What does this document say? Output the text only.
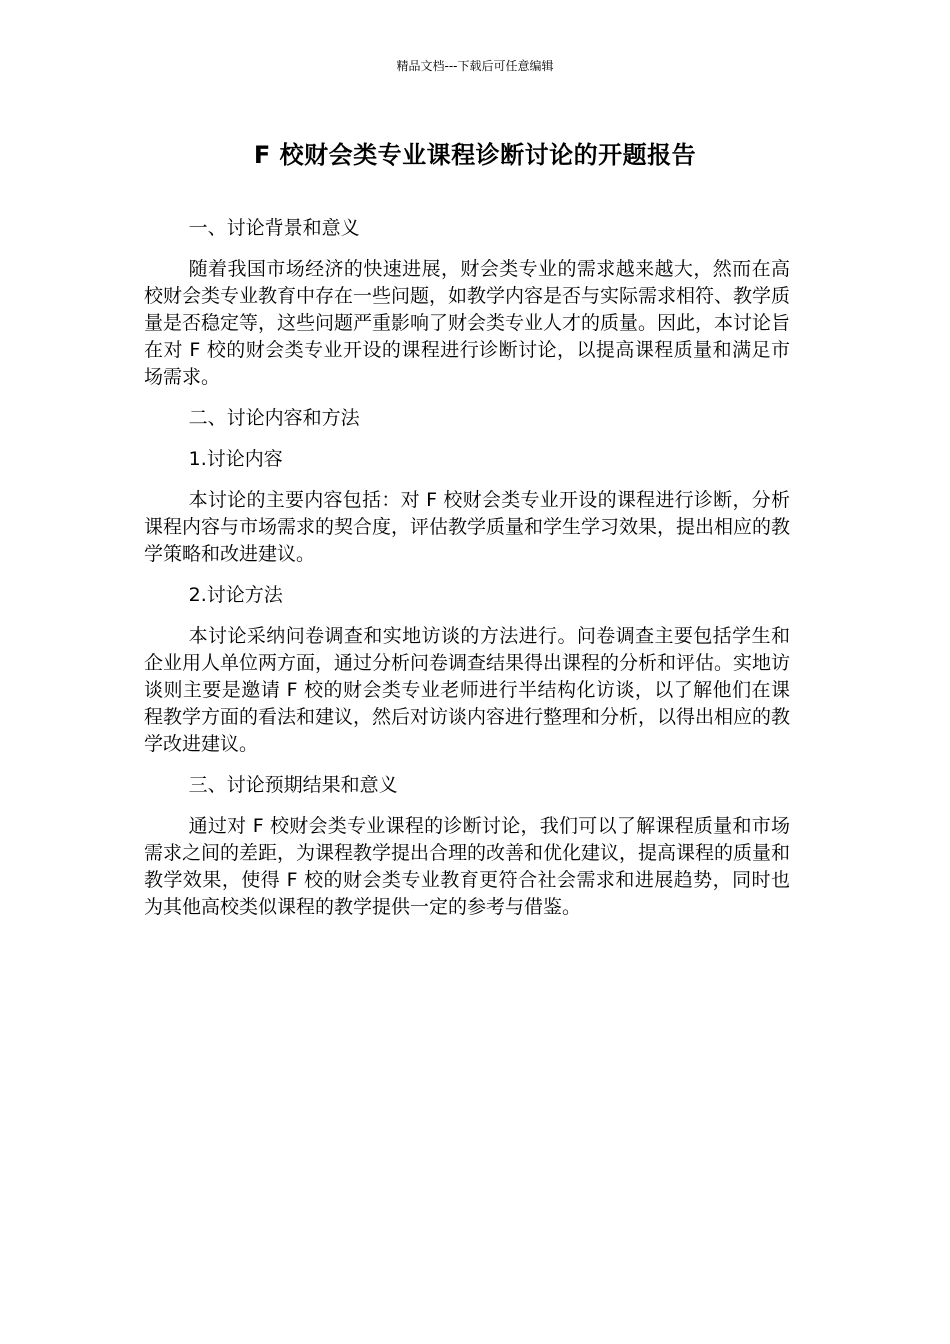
精品文档---下载后可任意编辑
F 校财会类专业课程诊断讨论的开题报告

一、讨论背景和意义

随着我国市场经济的快速进展，财会类专业的需求越来越大，然而在高校财会类专业教育中存在一些问题，如教学内容是否与实际需求相符、教学质量是否稳定等，这些问题严重影响了财会类专业人才的质量。因此，本讨论旨在对 F 校的财会类专业开设的课程进行诊断讨论，以提高课程质量和满足市场需求。

二、讨论内容和方法

1.讨论内容

本讨论的主要内容包括：对 F 校财会类专业开设的课程进行诊断，分析课程内容与市场需求的契合度，评估教学质量和学生学习效果，提出相应的教学策略和改进建议。

2.讨论方法

本讨论采纳问卷调查和实地访谈的方法进行。问卷调查主要包括学生和企业用人单位两方面，通过分析问卷调查结果得出课程的分析和评估。实地访谈则主要是邀请 F 校的财会类专业老师进行半结构化访谈，以了解他们在课程教学方面的看法和建议，然后对访谈内容进行整理和分析，以得出相应的教学改进建议。

三、讨论预期结果和意义

通过对 F 校财会类专业课程的诊断讨论，我们可以了解课程质量和市场需求之间的差距，为课程教学提出合理的改善和优化建议，提高课程的质量和教学效果，使得 F 校的财会类专业教育更符合社会需求和进展趋势，同时也为其他高校类似课程的教学提供一定的参考与借鉴。
